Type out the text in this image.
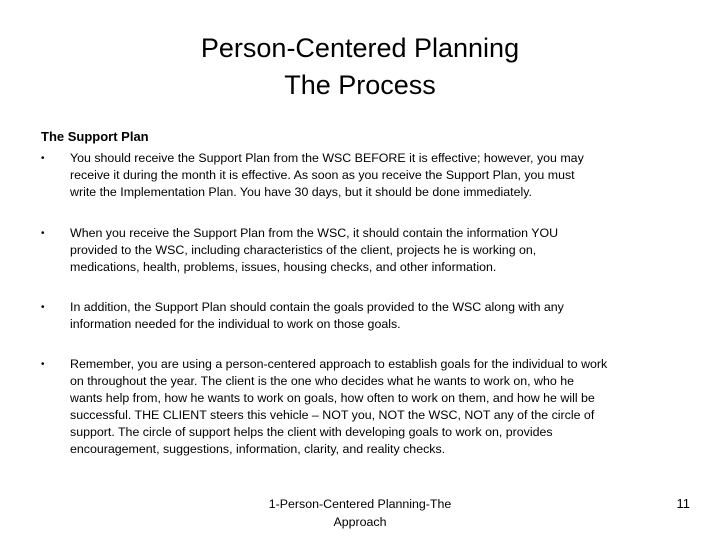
Person-Centered Planning
The Process
The Support Plan
• You should receive the Support Plan from the WSC BEFORE it is effective; however, you may
receive it during the month it is effective. As soon as you receive the Support Plan, you must
write the Implementation Plan. You have 30 days, but it should be done immediately.
• When you receive the Support Plan from the WSC, it should contain the information YOU
provided to the WSC, including characteristics of the client, projects he is working on,
medications, health, problems, issues, housing checks, and other information.
• In addition, the Support Plan should contain the goals provided to the WSC along with any
information needed for the individual to work on those goals.
• Remember, you are using a person-centered approach to establish goals for the individual to work
on throughout the year. The client is the one who decides what he wants to work on, who he
wants help from, how he wants to work on goals, how often to work on them, and how he will be
successful. THE CLIENT steers this vehicle – NOT you, NOT the WSC, NOT any of the circle of
support. The circle of support helps the client with developing goals to work on, provides
encouragement, suggestions, information, clarity, and reality checks.
1-Person-Centered Planning-The
Approach
11
